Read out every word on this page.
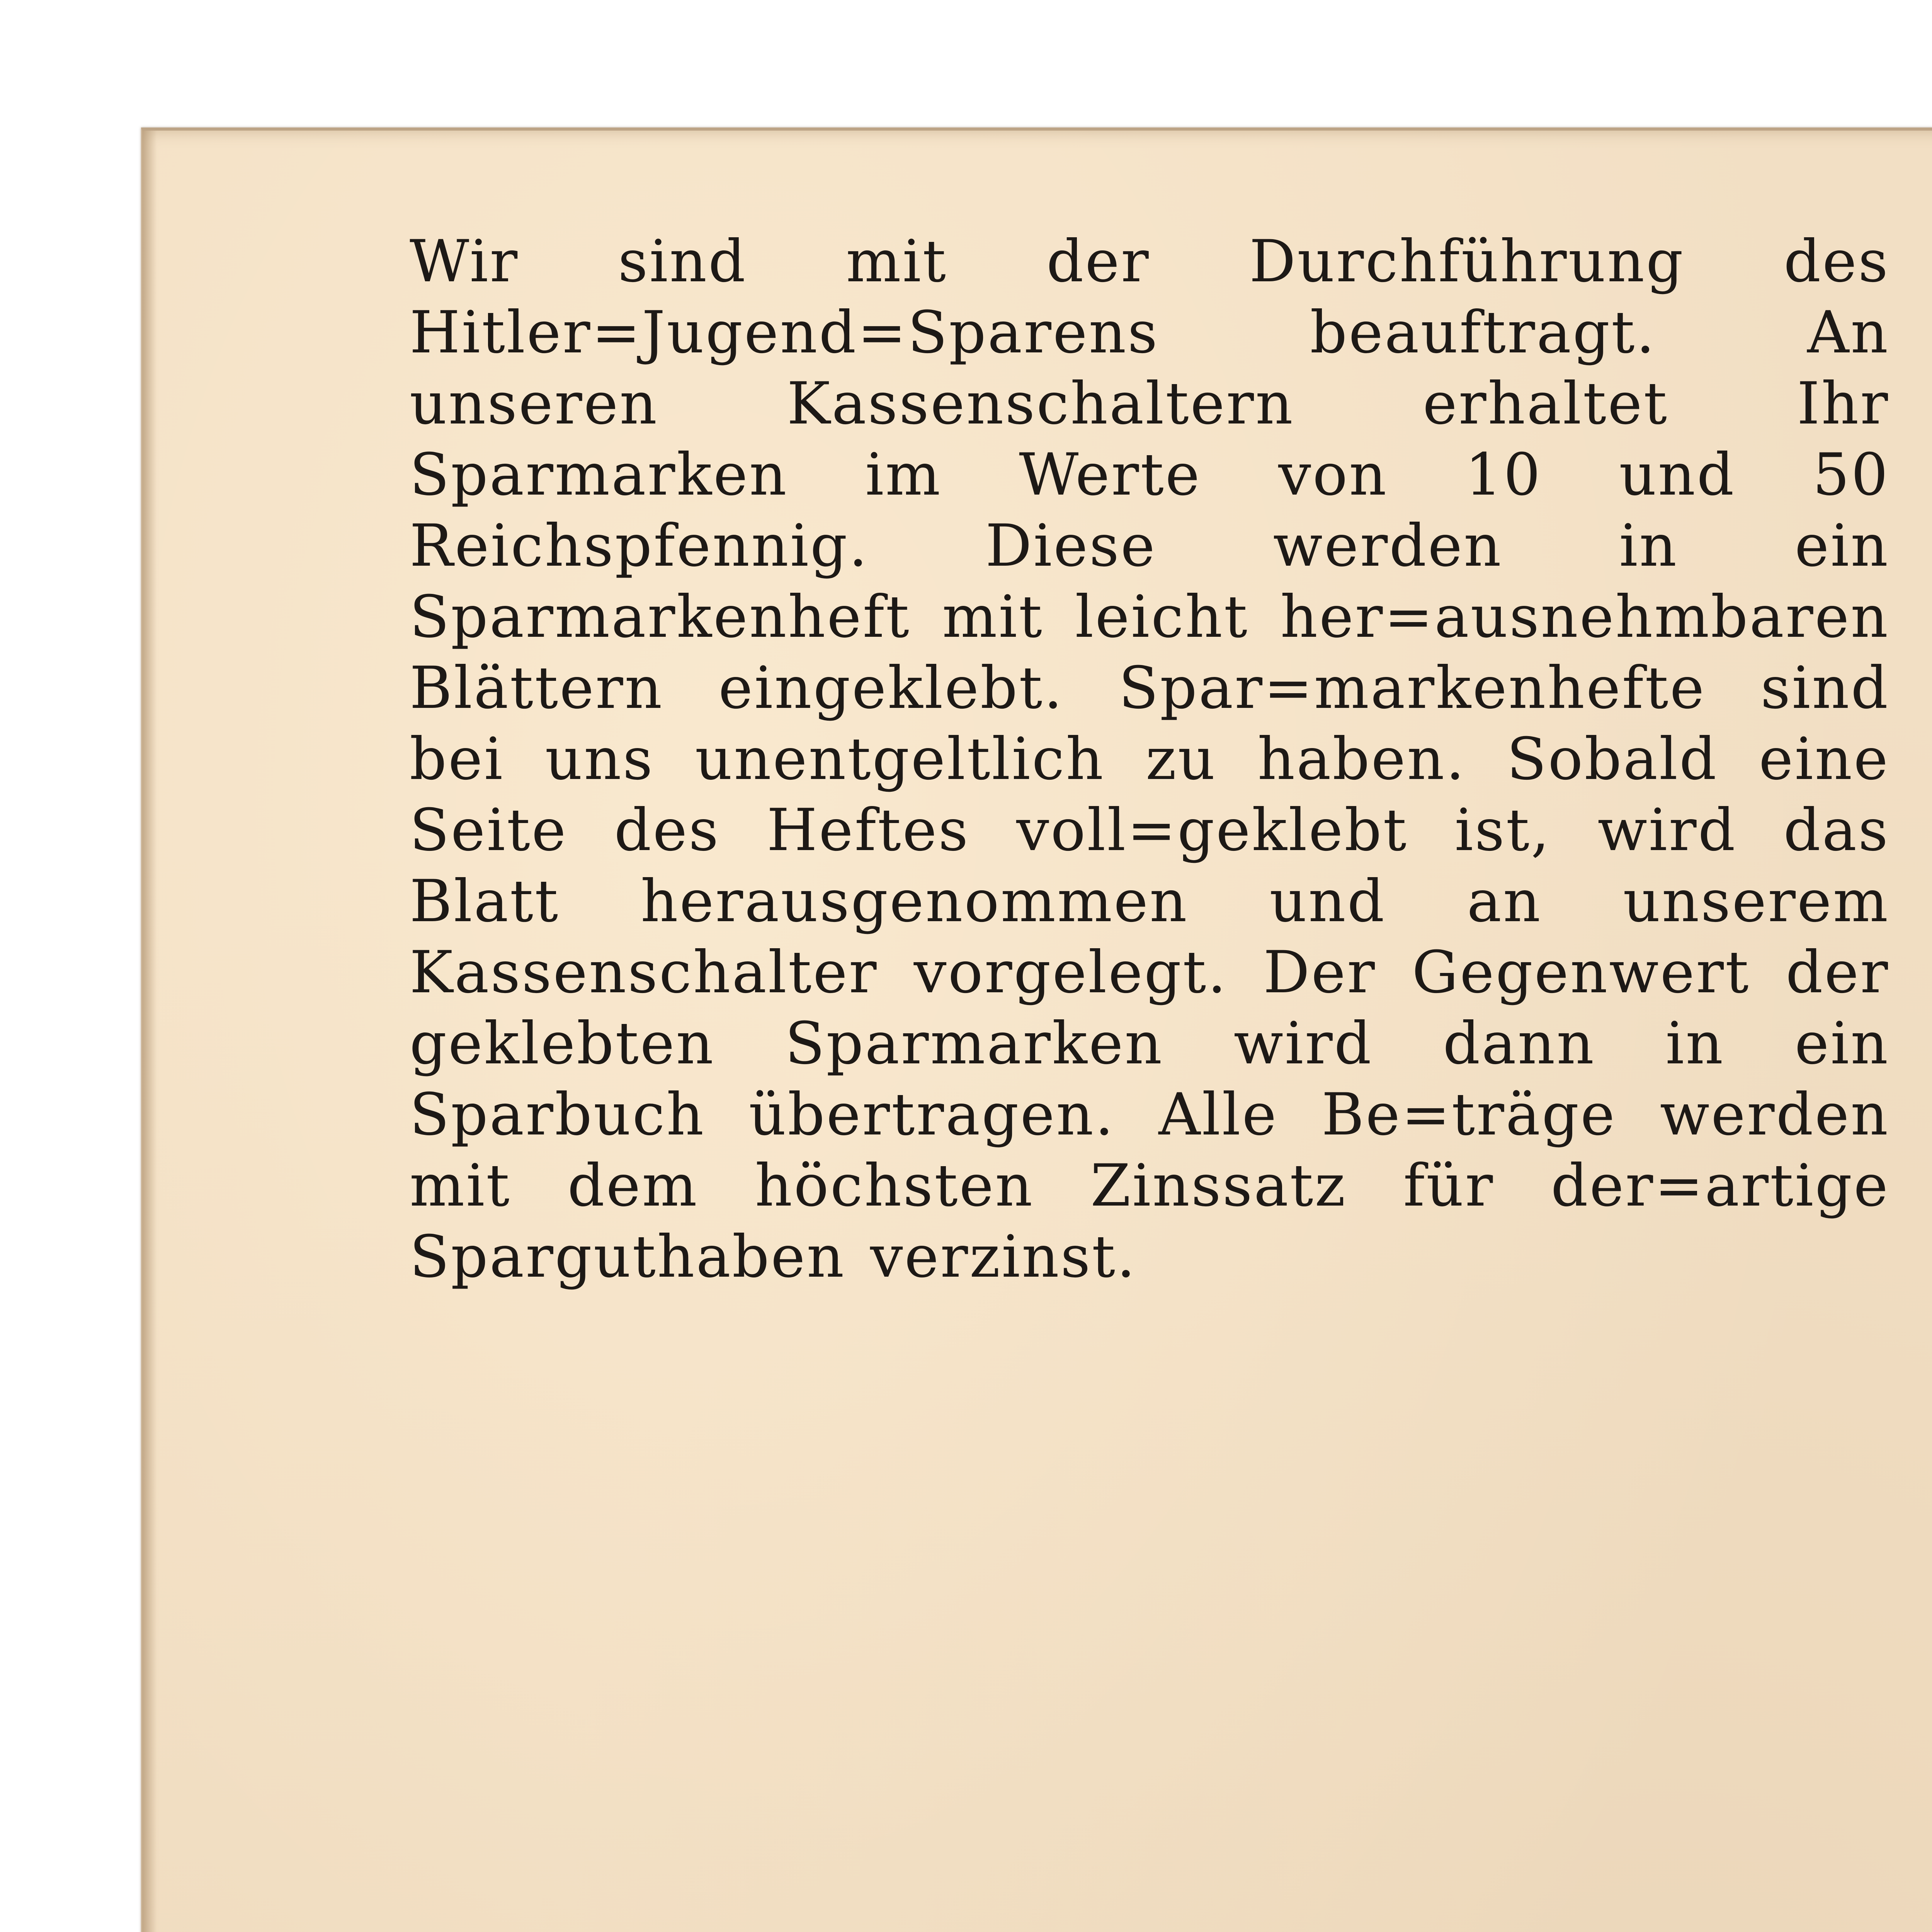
Wir sind mit der Durchführung des Hitler=Jugend=Sparens beauftragt. An unseren Kassenschaltern erhaltet Ihr Sparmarken im Werte von 10 und 50 Reichspfennig. Diese werden in ein Sparmarkenheft mit leicht her=ausnehmbaren Blättern eingeklebt. Spar=markenhefte sind bei uns unentgeltlich zu haben. Sobald eine Seite des Heftes voll=geklebt ist, wird das Blatt herausgenommen und an unserem Kassenschalter vorgelegt. Der Gegenwert der geklebten Sparmarken wird dann in ein Sparbuch übertragen. Alle Be=träge werden mit dem höchsten Zinssatz für der=artige Sparguthaben verzinst.
